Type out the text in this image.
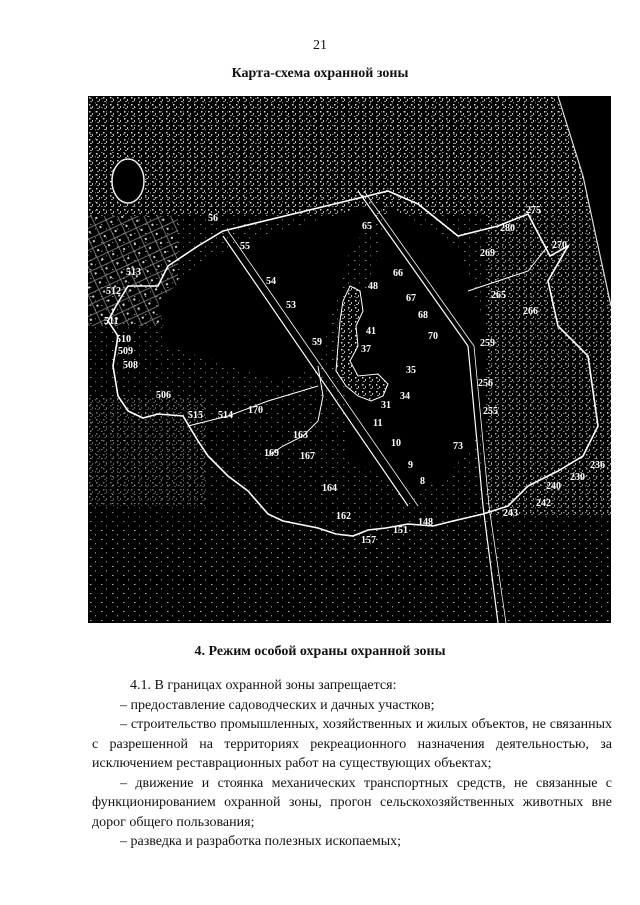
21
Карта-схема охранной зоны
55
56
54
53
65
66
67
68
48
41
37
35
31
34
59
70
73
11
10
9
8
163
167
169
170
164
162
157
151
148
240
243
242
230
236
265
256
255
259
266
269
270
275
280
506
508
509
510
511
512
513
514
515
4. Режим особой охраны охранной зоны

4.1. В границах охранной зоны запрещается:

– предоставление садоводческих и дачных участков;

– строительство промышленных, хозяйственных и жилых объектов, не связанных с разрешенной на территориях рекреационного назначения деятельностью, за исключением реставрационных работ на существующих объектах;

– движение и стоянка механических транспортных средств, не связанные с функционированием охранной зоны, прогон сельскохозяйственных животных вне дорог общего пользования;

– разведка и разработка полезных ископаемых;
